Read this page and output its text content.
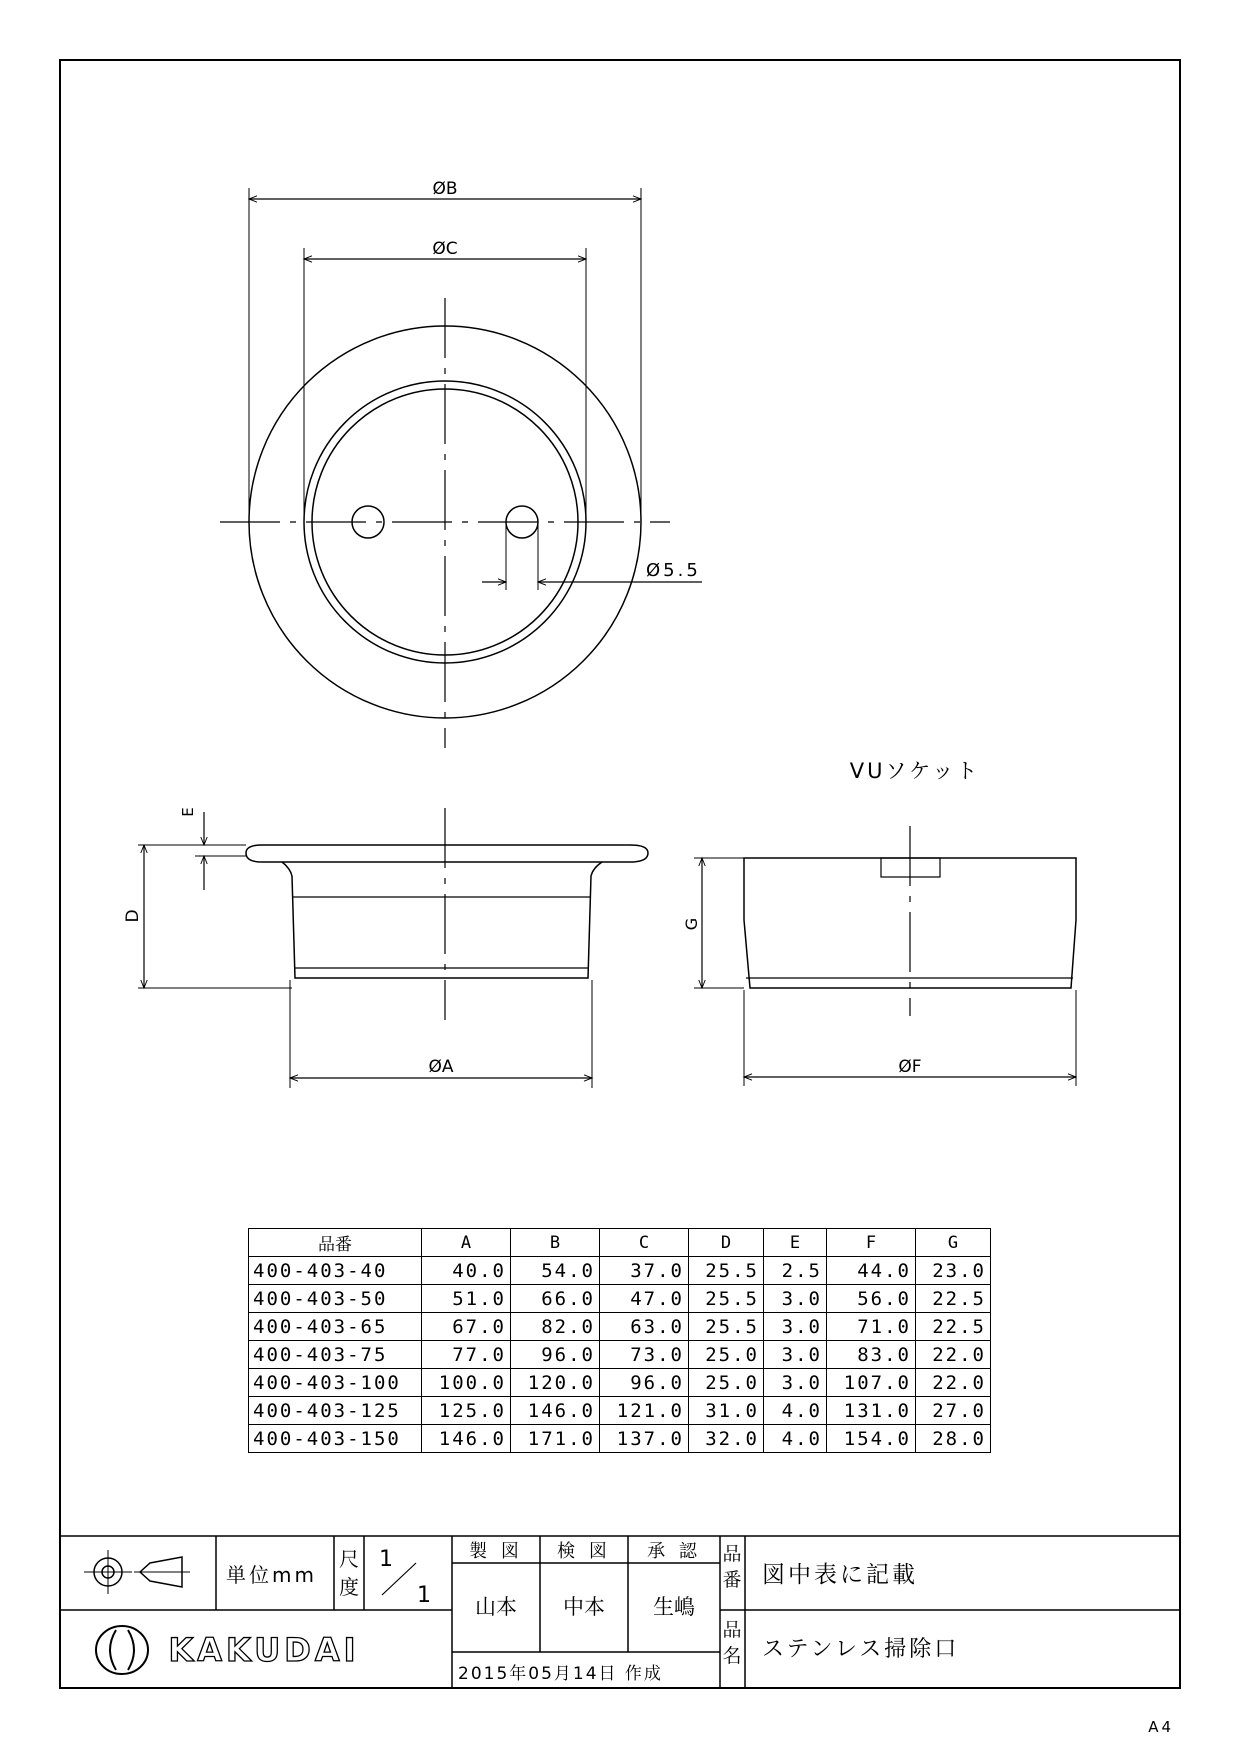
ØB
ØC
Ø5.5
D
E
ØA
VUソケット
G
ØF
KAKUDAI
単位mm
尺
度
1
1
製 図 検 図 承 認
山本 中本 生嶋
2015年05月14日 作成
品
番 図中表に記載
品
名 ステンレス掃除口
品番	A	B	C	D	E	F	G
400-403-40	40.0	54.0	37.0	25.5	2.5	44.0	23.0
400-403-50	51.0	66.0	47.0	25.5	3.0	56.0	22.5
400-403-65	67.0	82.0	63.0	25.5	3.0	71.0	22.5
400-403-75	77.0	96.0	73.0	25.0	3.0	83.0	22.0
400-403-100	100.0	120.0	96.0	25.0	3.0	107.0	22.0
400-403-125	125.0	146.0	121.0	31.0	4.0	131.0	27.0
400-403-150	146.0	171.0	137.0	32.0	4.0	154.0	28.0
A4
